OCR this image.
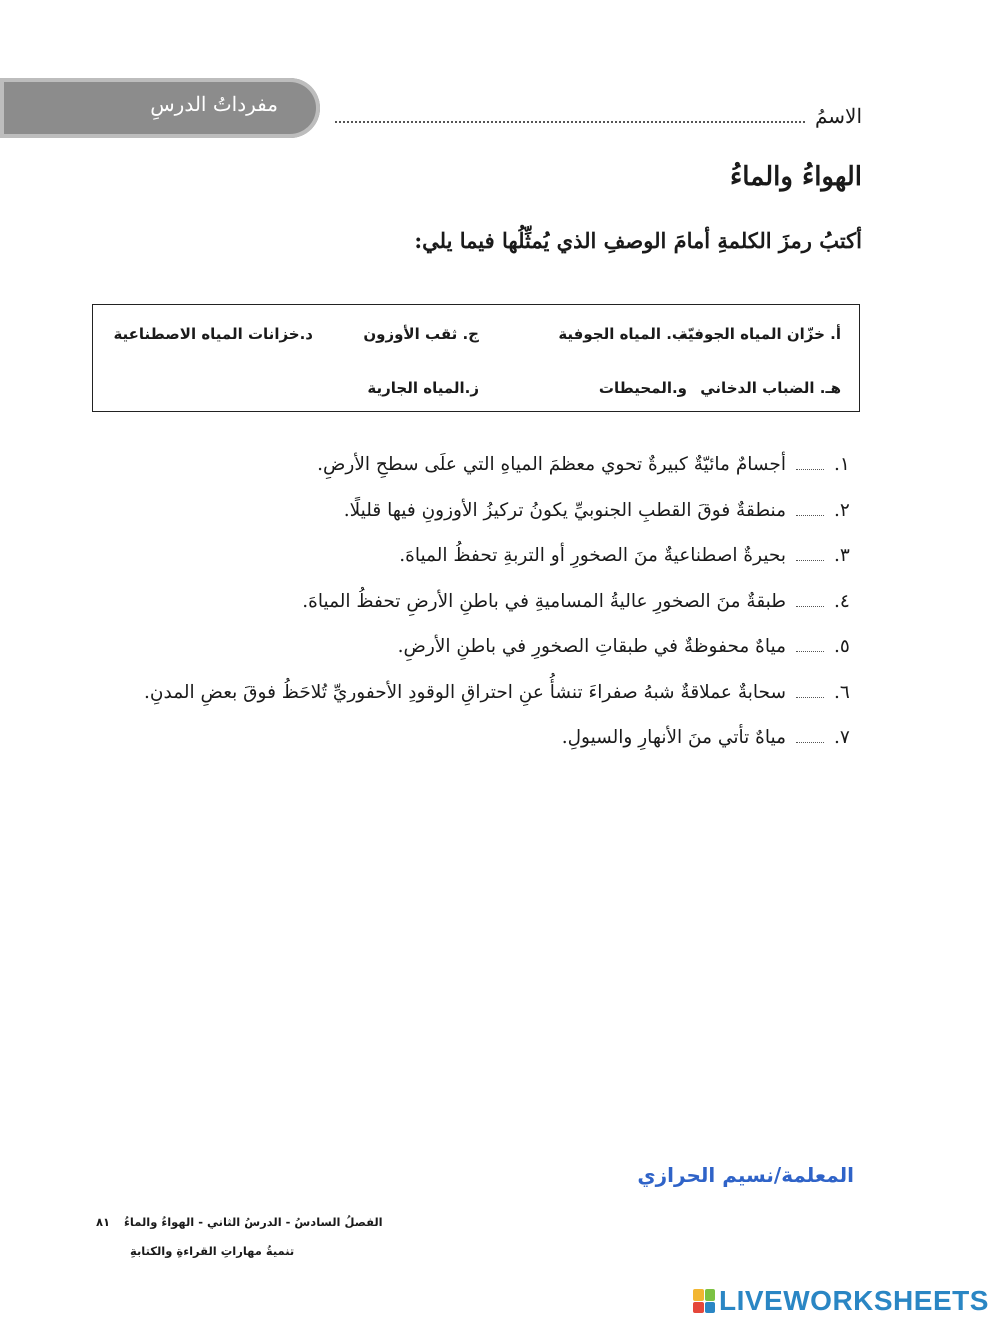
مفرداتُ الدرسِ	الاسمُ
الهواءُ والماءُ
أكتبُ رمزَ الكلمةِ أمامَ الوصفِ الذي يُمثِّلُها فيما يلي:
أ. خزّان المياه الجوفيّة
ب. المياه الجوفية
ج. ثقب الأوزون
د.خزانات المياه الاصطناعية
هـ. الضباب الدخاني
و.المحيطات
ز.المياه الجارية
١.
أجسامٌ مائيّةٌ كبيرةٌ تحوي معظمَ المياهِ التي علَى سطحِ الأرضِ.
٢.
منطقةٌ فوقَ القطبِ الجنوبيِّ يكونُ تركيزُ الأوزونِ فيها قليلًا.
٣.
بحيرةٌ اصطناعيةٌ منَ الصخورِ أو التربةِ تحفظُ المياهَ.
٤.
طبقةٌ منَ الصخورِ عاليةُ المساميةِ في باطنِ الأرضِ تحفظُ المياهَ.
٥.
مياهٌ محفوظةٌ في طبقاتِ الصخورِ في باطنِ الأرضِ.
٦.
سحابةٌ عملاقةٌ شبهُ صفراءَ تنشأُ عنِ احتراقِ الوقودِ الأحفوريِّ تُلاحَظُ فوقَ بعضِ المدنِ.
٧.
مياهٌ تأتي منَ الأنهارِ والسيولِ.
المعلمة/نسيم الحرازي
الفصلُ السادسُ - الدرسُ الثاني - الهواءُ والماءُ
٨١
تنميةُ مهاراتِ القراءةِ والكتابةِ
LIVEWORKSHEETS
